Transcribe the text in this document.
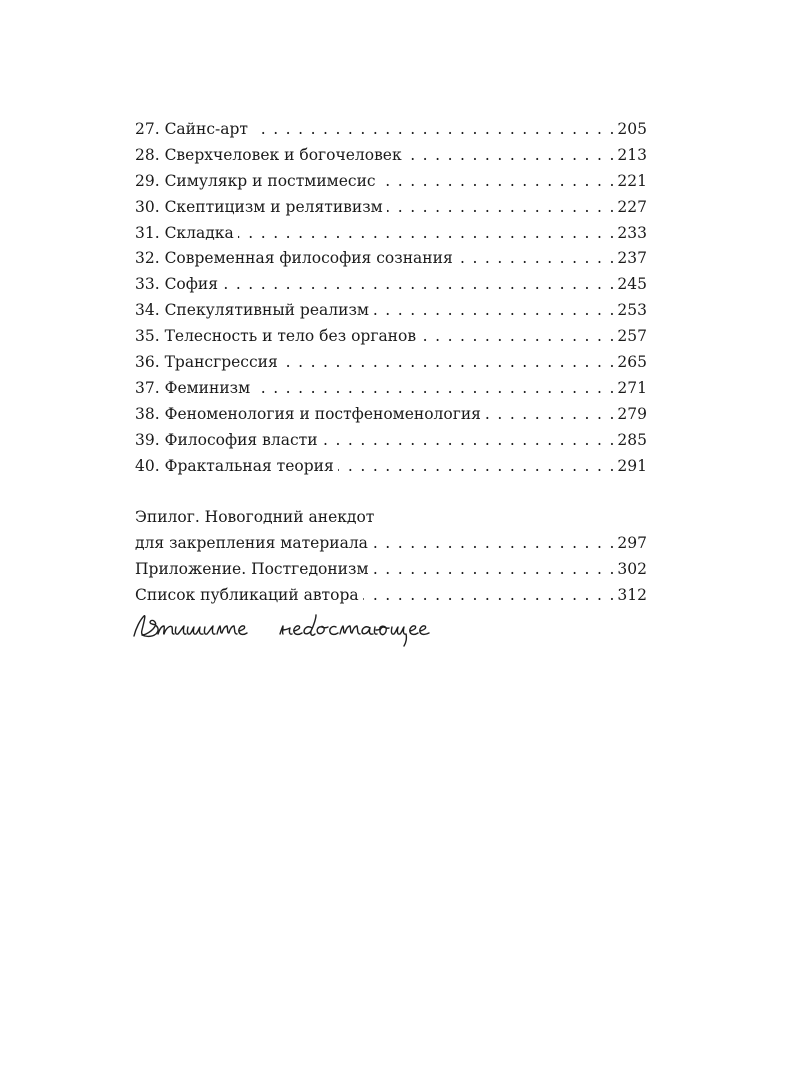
27. Сайнс-арт . . .	205
28. Сверхчеловек и богочеловек . . .	213
29. Симулякр и постмимесис . . .	221
30. Скептицизм и релятивизм . . .	227
31. Складка . . .	233
32. Современная философия сознания . . .	237
33. София . . .	245
34. Спекулятивный реализм . . .	253
35. Телесность и тело без органов . . .	257
36. Трансгрессия . . .	265
37. Феминизм . . .	271
38. Феноменология и постфеноменология . . .	279
39. Философия власти . . .	285
40. Фрактальная теория . . .	291
Эпилог. Новогодний анекдот
для закрепления материала . . .	297
Приложение. Постгедонизм . . .	302
Список публикаций автора . . .	312
